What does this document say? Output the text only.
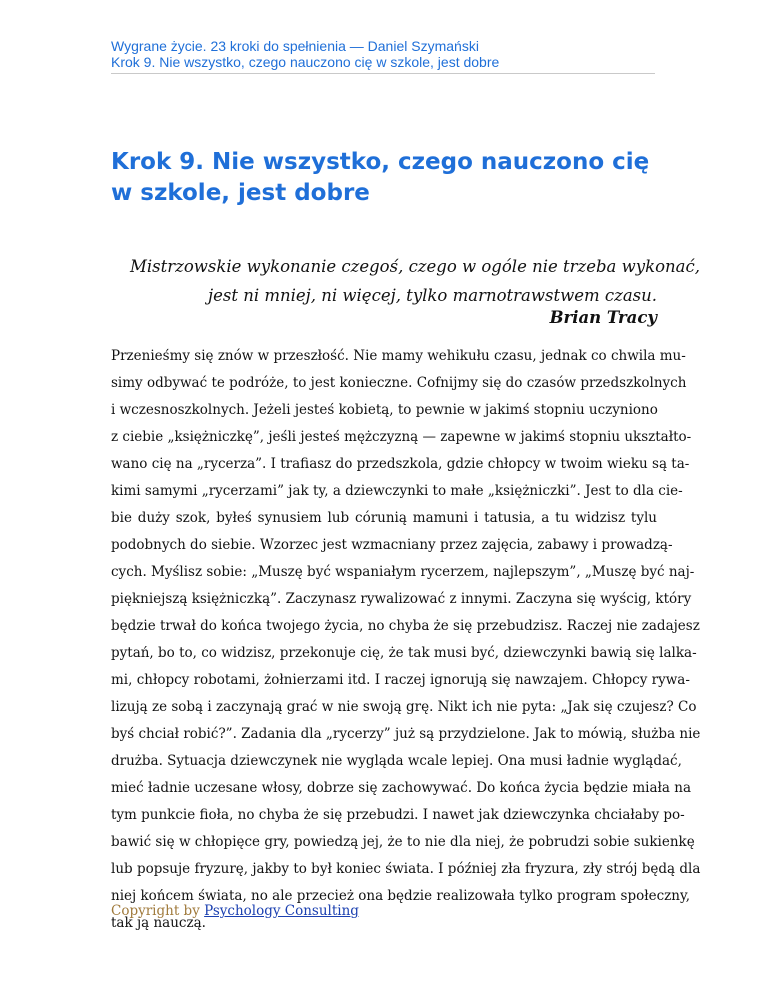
Wygrane życie. 23 kroki do spełnienia — Daniel Szymański
Krok 9. Nie wszystko, czego nauczono cię w szkole, jest dobre
Krok 9. Nie wszystko, czego nauczono cię
w szkole, jest dobre
Mistrzowskie wykonanie czegoś, czego w ogóle nie trzeba wykonać,
jest ni mniej, ni więcej, tylko marnotrawstwem czasu.
Brian Tracy
Przenieśmy się znów w przeszłość. Nie mamy wehikułu czasu, jednak co chwila mu-
simy odbywać te podróże, to jest konieczne. Cofnijmy się do czasów przedszkolnych
i wczesnoszkolnych. Jeżeli jesteś kobietą, to pewnie w jakimś stopniu uczyniono
z ciebie „księżniczkę”, jeśli jesteś mężczyzną — zapewne w jakimś stopniu ukształto-
wano cię na „rycerza”. I trafiasz do przedszkola, gdzie chłopcy w twoim wieku są ta-
kimi samymi „rycerzami” jak ty, a dziewczynki to małe „księżniczki”. Jest to dla cie-
bie duży szok, byłeś synusiem lub córunią mamuni i tatusia, a tu widzisz tylu
podobnych do siebie. Wzorzec jest wzmacniany przez zajęcia, zabawy i prowadzą-
cych. Myślisz sobie: „Muszę być wspaniałym rycerzem, najlepszym”, „Muszę być naj-
piękniejszą księżniczką”. Zaczynasz rywalizować z innymi. Zaczyna się wyścig, który
będzie trwał do końca twojego życia, no chyba że się przebudzisz. Raczej nie zadajesz
pytań, bo to, co widzisz, przekonuje cię, że tak musi być, dziewczynki bawią się lalka-
mi, chłopcy robotami, żołnierzami itd. I raczej ignorują się nawzajem. Chłopcy rywa-
lizują ze sobą i zaczynają grać w nie swoją grę. Nikt ich nie pyta: „Jak się czujesz? Co
byś chciał robić?”. Zadania dla „rycerzy” już są przydzielone. Jak to mówią, służba nie
drużba. Sytuacja dziewczynek nie wygląda wcale lepiej. Ona musi ładnie wyglądać,
mieć ładnie uczesane włosy, dobrze się zachowywać. Do końca życia będzie miała na
tym punkcie fioła, no chyba że się przebudzi. I nawet jak dziewczynka chciałaby po-
bawić się w chłopięce gry, powiedzą jej, że to nie dla niej, że pobrudzi sobie sukienkę
lub popsuje fryzurę, jakby to był koniec świata. I później zła fryzura, zły strój będą dla
niej końcem świata, no ale przecież ona będzie realizowała tylko program społeczny,
tak ją nauczą.
Copyright by Psychology Consulting
